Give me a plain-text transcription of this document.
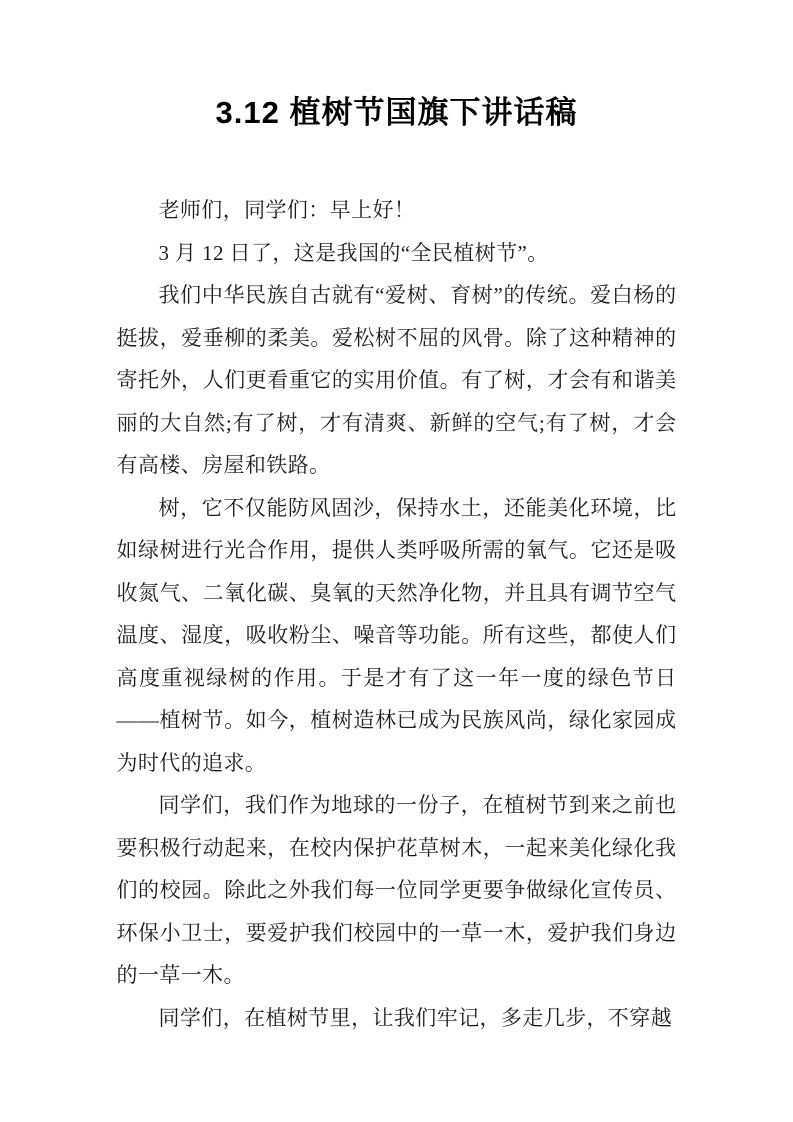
3.12 植树节国旗下讲话稿

老师们，同学们：早上好！

3 月 12 日了，这是我国的“全民植树节”。

我们中华民族自古就有“爱树、育树”的传统。爱白杨的挺拔，爱垂柳的柔美。爱松树不屈的风骨。除了这种精神的寄托外，人们更看重它的实用价值。有了树，才会有和谐美丽的大自然;有了树，才有清爽、新鲜的空气;有了树，才会有高楼、房屋和铁路。

树，它不仅能防风固沙，保持水土，还能美化环境，比如绿树进行光合作用，提供人类呼吸所需的氧气。它还是吸收氮气、二氧化碳、臭氧的天然净化物，并且具有调节空气温度、湿度，吸收粉尘、噪音等功能。所有这些，都使人们高度重视绿树的作用。于是才有了这一年一度的绿色节日——植树节。如今，植树造林已成为民族风尚，绿化家园成为时代的追求。

同学们，我们作为地球的一份子，在植树节到来之前也要积极行动起来，在校内保护花草树木，一起来美化绿化我们的校园。除此之外我们每一位同学更要争做绿化宣传员、环保小卫士，要爱护我们校园中的一草一木，爱护我们身边的一草一木。

同学们，在植树节里，让我们牢记，多走几步，不穿越
